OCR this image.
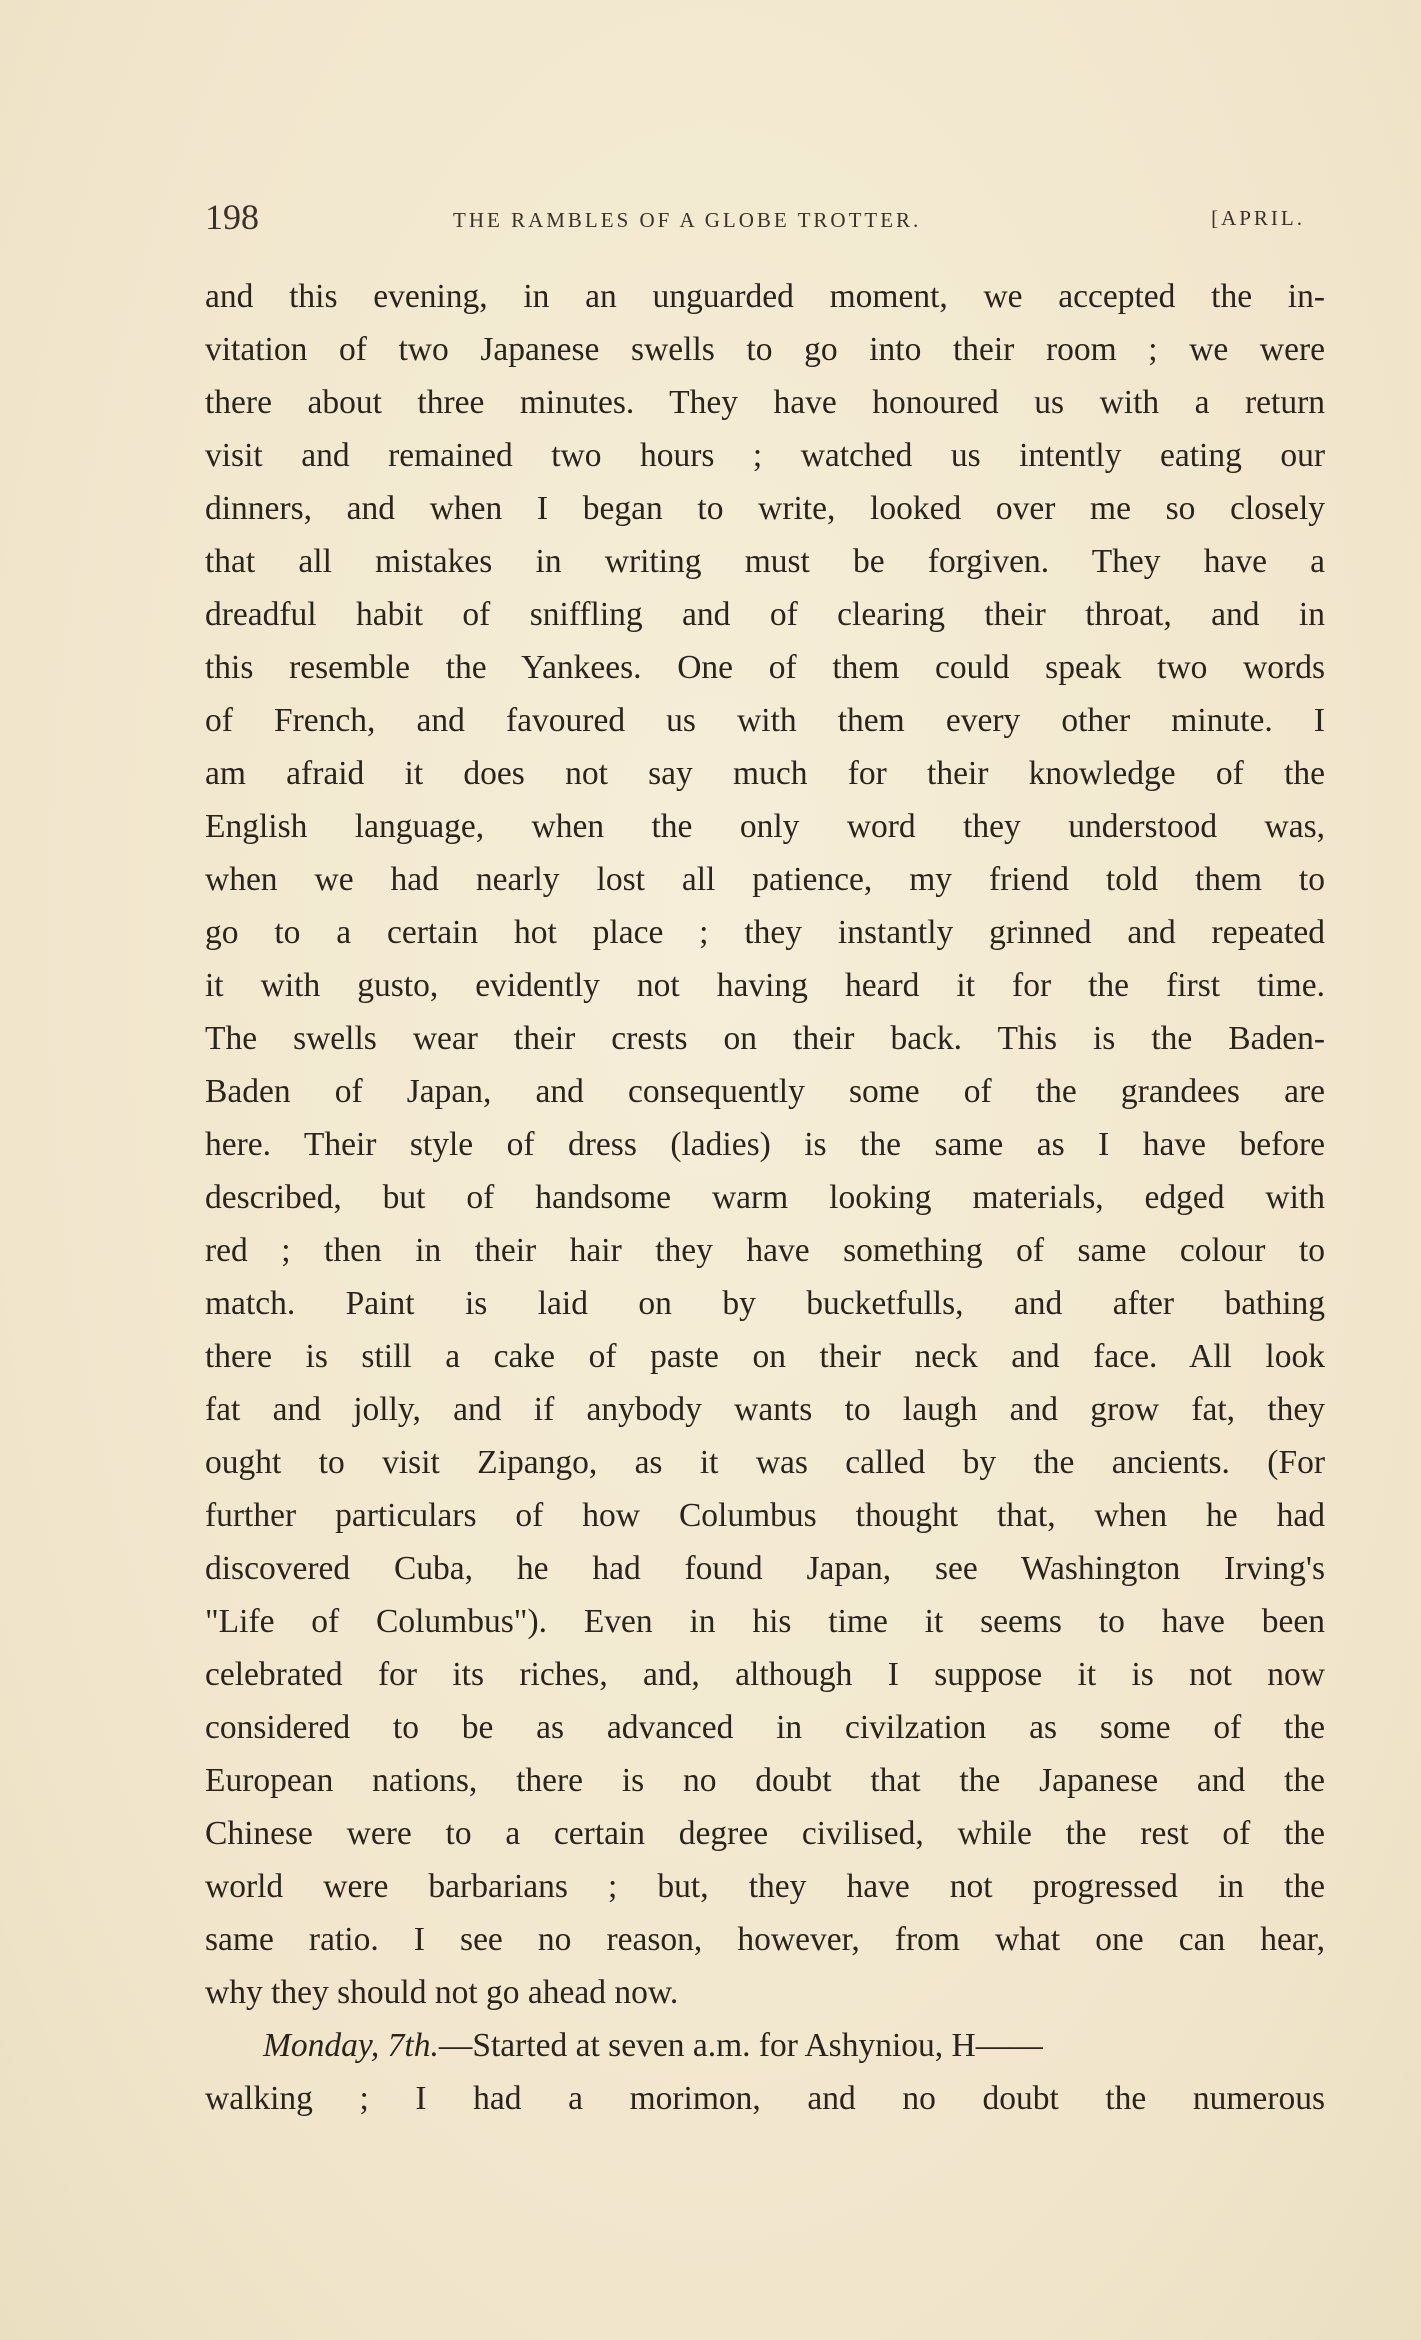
198	THE RAMBLES OF A GLOBE TROTTER.	[APRIL.
and this evening, in an unguarded moment, we accepted the in-
vitation of two Japanese swells to go into their room ; we were
there about three minutes. They have honoured us with a return
visit and remained two hours ; watched us intently eating our
dinners, and when I began to write, looked over me so closely
that all mistakes in writing must be forgiven. They have a
dreadful habit of sniffling and of clearing their throat, and in
this resemble the Yankees. One of them could speak two words
of French, and favoured us with them every other minute. I
am afraid it does not say much for their knowledge of the
English language, when the only word they understood was,
when we had nearly lost all patience, my friend told them to
go to a certain hot place ; they instantly grinned and repeated
it with gusto, evidently not having heard it for the first time.
The swells wear their crests on their back. This is the Baden-
Baden of Japan, and consequently some of the grandees are
here. Their style of dress (ladies) is the same as I have before
described, but of handsome warm looking materials, edged with
red ; then in their hair they have something of same colour to
match. Paint is laid on by bucketfulls, and after bathing
there is still a cake of paste on their neck and face. All look
fat and jolly, and if anybody wants to laugh and grow fat, they
ought to visit Zipango, as it was called by the ancients. (For
further particulars of how Columbus thought that, when he had
discovered Cuba, he had found Japan, see Washington Irving's
"Life of Columbus"). Even in his time it seems to have been
celebrated for its riches, and, although I suppose it is not now
considered to be as advanced in civilzation as some of the
European nations, there is no doubt that the Japanese and the
Chinese were to a certain degree civilised, while the rest of the
world were barbarians ; but, they have not progressed in the
same ratio. I see no reason, however, from what one can hear,
why they should not go ahead now.
Monday, 7th.—Started at seven a.m. for Ashyniou, H——
walking ; I had a morimon, and no doubt the numerous
